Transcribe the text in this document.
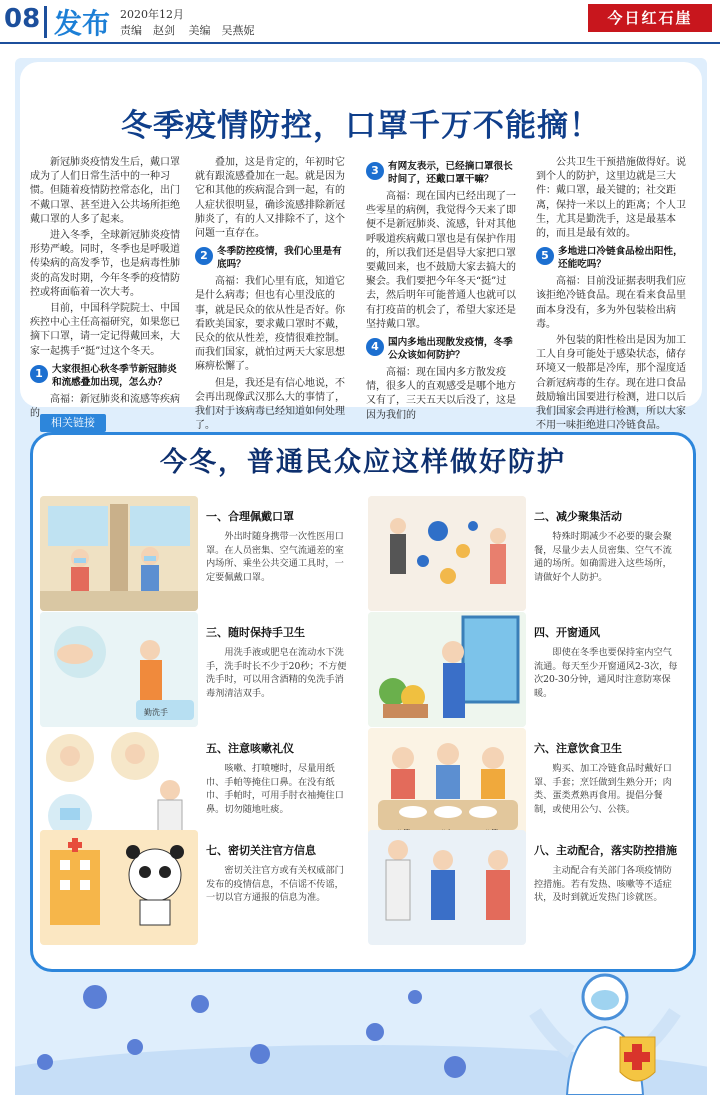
08 发布 2020年12月
责编　赵剑 美编　吴燕妮
今日红石崖
冬季疫情防控，口罩千万不能摘！

新冠肺炎疫情发生后，戴口罩成为了人们日常生活中的一种习惯。但随着疫情防控常态化，出门不戴口罩、甚至进入公共场所拒绝戴口罩的人多了起来。

进入冬季，全球新冠肺炎疫情形势严峻。同时，冬季也是呼吸道传染病的高发季节，也是病毒性肺炎的高发时期，今年冬季的疫情防控或将面临着一次大考。

目前，中国科学院院士、中国疾控中心主任高福研究，如果您已摘下口罩，请一定记得戴回来，大家一起携手“挺”过这个冬天。

1 大家很担心秋冬季节新冠肺炎和流感叠加出现，怎么办？

高福：新冠肺炎和流感等疾病的

叠加，这是肯定的，年初时它就有跟流感叠加在一起。就是因为它和其他的疾病混合到一起，有的人症状很明显，确诊流感排除新冠肺炎了，有的人又排除不了，这个问题一直存在。

2 冬季防控疫情，我们心里是有底吗？

高福：我们心里有底，知道它是什么病毒；但也有心里没底的事，就是民众的依从性是否好。你看欧美国家，要求戴口罩时不戴，民众的依从性差，疫情很难控制。而我们国家，就怕过两天大家思想麻痹松懈了。

但是，我还是有信心地说，不会再出现像武汉那么大的事情了，我们对于该病毒已经知道如何处理了。

3 有网友表示，已经摘口罩很长时间了，还戴口罩干嘛？

高福：现在国内已经出现了一些零星的病例，我觉得今天来了即便不是新冠肺炎、流感，针对其他呼吸道疾病戴口罩也是有保护作用的，所以我们还是倡导大家把口罩要戴回来，也不鼓励大家去搞大的聚会。我们要把今年冬天“挺”过去，然后明年可能普通人也就可以有打疫苗的机会了，希望大家还是坚持戴口罩。

4 国内多地出现散发疫情，冬季公众该如何防护？

高福：现在国内多方散发疫情，很多人的直观感受是哪个地方又有了，三天五天以后没了，这是因为我们的

公共卫生干预措施做得好。说到个人的防护，这里边就是三大件：戴口罩，最关键的；社交距离，保持一米以上的距离；个人卫生，尤其是勤洗手，这是最基本的，而且是最有效的。

5 多地进口冷链食品检出阳性，还能吃吗？

高福：目前没证据表明我们应该拒绝冷链食品。现在看来食品里面本身没有，多为外包装检出病毒。

外包装的阳性检出是因为加工工人自身可能处于感染状态，储存环境又一般都是冷库，那个湿度适合新冠病毒的生存。现在进口食品鼓励输出国要进行检测，进口以后我们国家会再进行检测，所以大家不用一味拒绝进口冷链食品。

相关链接
今冬，普通民众应这样做好防护
一、合理佩戴口罩
外出时随身携带一次性医用口罩。在人员密集、空气流通差的室内场所、乘坐公共交通工具时，一定要佩戴口罩。
二、减少聚集活动
特殊时期减少不必要的聚会聚餐，尽量少去人员密集、空气不流通的场所。如确需进入这些场所，请做好个人防护。
勤洗手
三、随时保持手卫生
用洗手液或肥皂在流动水下洗手，洗手时长不少于20秒；不方便洗手时，可以用含酒精的免洗手消毒剂清洁双手。
四、开窗通风
即使在冬季也要保持室内空气流通。每天至少开窗通风2-3次，每次20-30分钟，通风时注意防寒保暖。
五、注意咳嗽礼仪
咳嗽、打喷嚏时，尽量用纸巾、手帕等掩住口鼻。在没有纸巾、手帕时，可用手肘衣袖掩住口鼻。切勿随地吐痰。
六、注意饮食卫生
购买、加工冷链食品时戴好口罩、手套；烹饪做到生熟分开；肉类、蛋类煮熟再食用。提倡分餐制，或使用公勺、公筷。
七、密切关注官方信息
密切关注官方或有关权威部门发布的疫情信息，不信谣不传谣，一切以官方通报的信息为准。
八、主动配合，落实防控措施
主动配合有关部门各项疫情防控措施。若有发热、咳嗽等不适症状，及时到就近发热门诊就医。
